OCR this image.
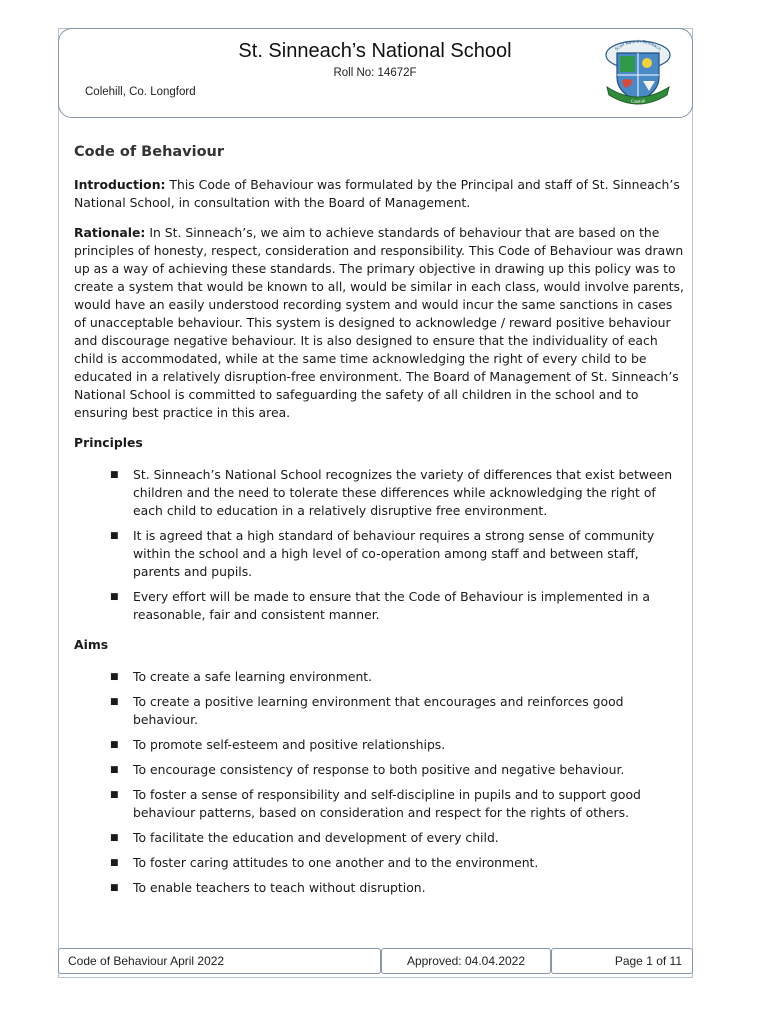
St. Sinneach’s National School
Roll No: 14672F
Colehill, Co. Longford
Scoil Naomh Sinneach
Colehill
Code of Behaviour

Introduction: This Code of Behaviour was formulated by the Principal and staff of St. Sinneach’s National School, in consultation with the Board of Management.

Rationale: In St. Sinneach’s, we aim to achieve standards of behaviour that are based on the principles of honesty, respect, consideration and responsibility. This Code of Behaviour was drawn up as a way of achieving these standards. The primary objective in drawing up this policy was to create a system that would be known to all, would be similar in each class, would involve parents, would have an easily understood recording system and would incur the same sanctions in cases of unacceptable behaviour. This system is designed to acknowledge / reward positive behaviour and discourage negative behaviour. It is also designed to ensure that the individuality of each child is accommodated, while at the same time acknowledging the right of every child to be educated in a relatively disruption-free environment. The Board of Management of St. Sinneach’s National School is committed to safeguarding the safety of all children in the school and to ensuring best practice in this area.

Principles
■ St. Sinneach’s National School recognizes the variety of differences that exist between children and the need to tolerate these differences while acknowledging the right of each child to education in a relatively disruptive free environment.
■ It is agreed that a high standard of behaviour requires a strong sense of community within the school and a high level of co-operation among staff and between staff, parents and pupils.
■ Every effort will be made to ensure that the Code of Behaviour is implemented in a reasonable, fair and consistent manner.
Aims
■ To create a safe learning environment.
■ To create a positive learning environment that encourages and reinforces good behaviour.
■ To promote self-esteem and positive relationships.
■ To encourage consistency of response to both positive and negative behaviour.
■ To foster a sense of responsibility and self-discipline in pupils and to support good behaviour patterns, based on consideration and respect for the rights of others.
■ To facilitate the education and development of every child.
■ To foster caring attitudes to one another and to the environment.
■ To enable teachers to teach without disruption.
Code of Behaviour April 2022	Approved: 04.04.2022	Page 1 of 11
